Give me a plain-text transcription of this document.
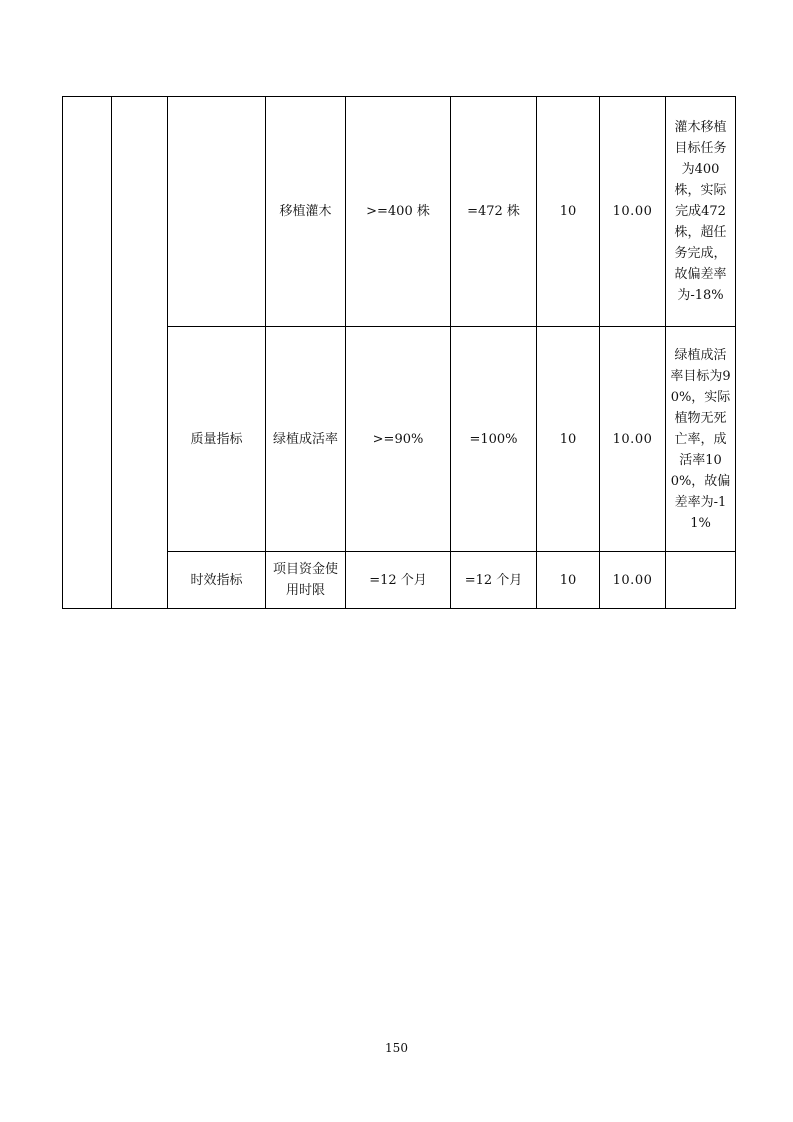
			移植灌木	>=400 株	=472 株	10	10.00	灌木移植目标任务为400株，实际完成472株，超任务完成，故偏差率为-18%
		质量指标	绿植成活率	>=90%	=100%	10	10.00	绿植成活率目标为90%，实际植物无死亡率，成活率100%，故偏差率为-11%
		时效指标	项目资金使用时限	=12 个月	=12 个月	10	10.00	
150
